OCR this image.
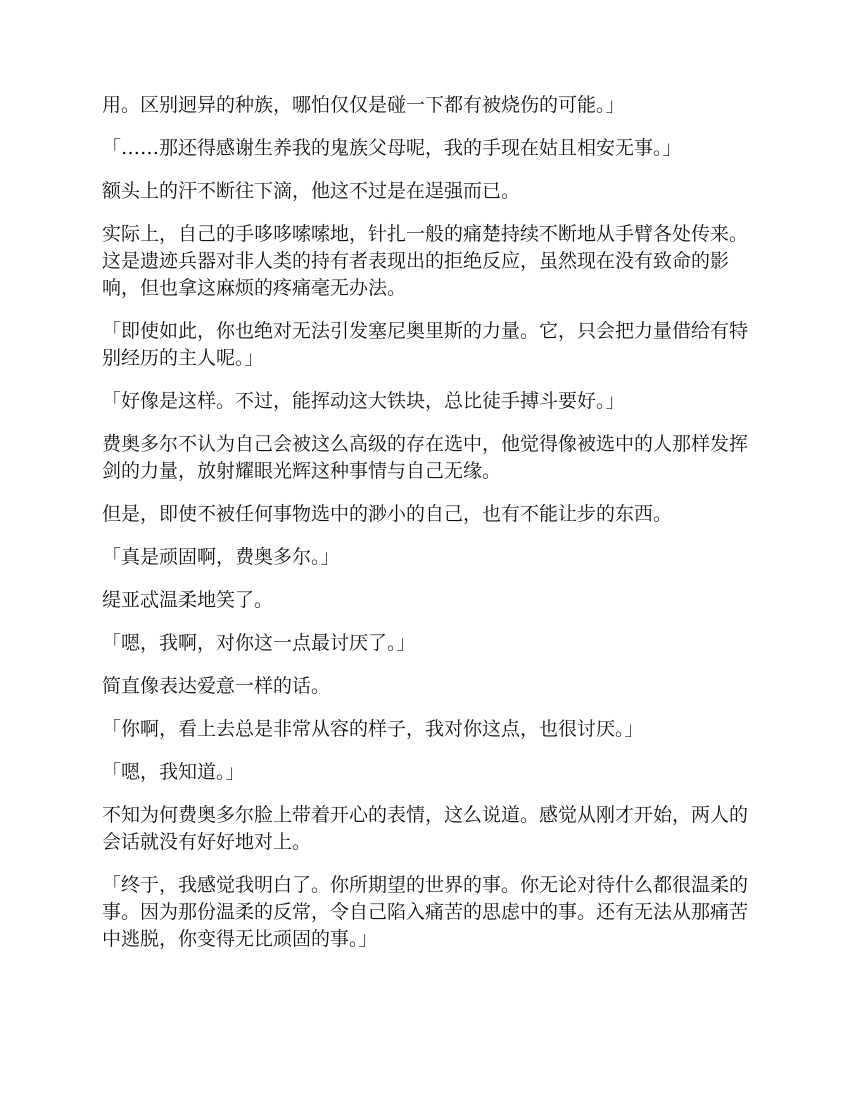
用。区别迥异的种族，哪怕仅仅是碰一下都有被烧伤的可能。」

「……那还得感谢生养我的鬼族父母呢，我的手现在姑且相安无事。」

额头上的汗不断往下滴，他这不过是在逞强而已。

实际上，自己的手哆哆嗦嗦地，针扎一般的痛楚持续不断地从手臂各处传来。这是遗迹兵器对非人类的持有者表现出的拒绝反应，虽然现在没有致命的影响，但也拿这麻烦的疼痛毫无办法。

「即使如此，你也绝对无法引发塞尼奥里斯的力量。它，只会把力量借给有特别经历的主人呢。」

「好像是这样。不过，能挥动这大铁块，总比徒手搏斗要好。」

费奥多尔不认为自己会被这么高级的存在选中，他觉得像被选中的人那样发挥剑的力量，放射耀眼光辉这种事情与自己无缘。

但是，即使不被任何事物选中的渺小的自己，也有不能让步的东西。

「真是顽固啊，费奥多尔。」

缇亚忒温柔地笑了。

「嗯，我啊，对你这一点最讨厌了。」

简直像表达爱意一样的话。

「你啊，看上去总是非常从容的样子，我对你这点，也很讨厌。」

「嗯，我知道。」

不知为何费奥多尔脸上带着开心的表情，这么说道。感觉从刚才开始，两人的会话就没有好好地对上。

「终于，我感觉我明白了。你所期望的世界的事。你无论对待什么都很温柔的事。因为那份温柔的反常，令自己陷入痛苦的思虑中的事。还有无法从那痛苦中逃脱，你变得无比顽固的事。」
